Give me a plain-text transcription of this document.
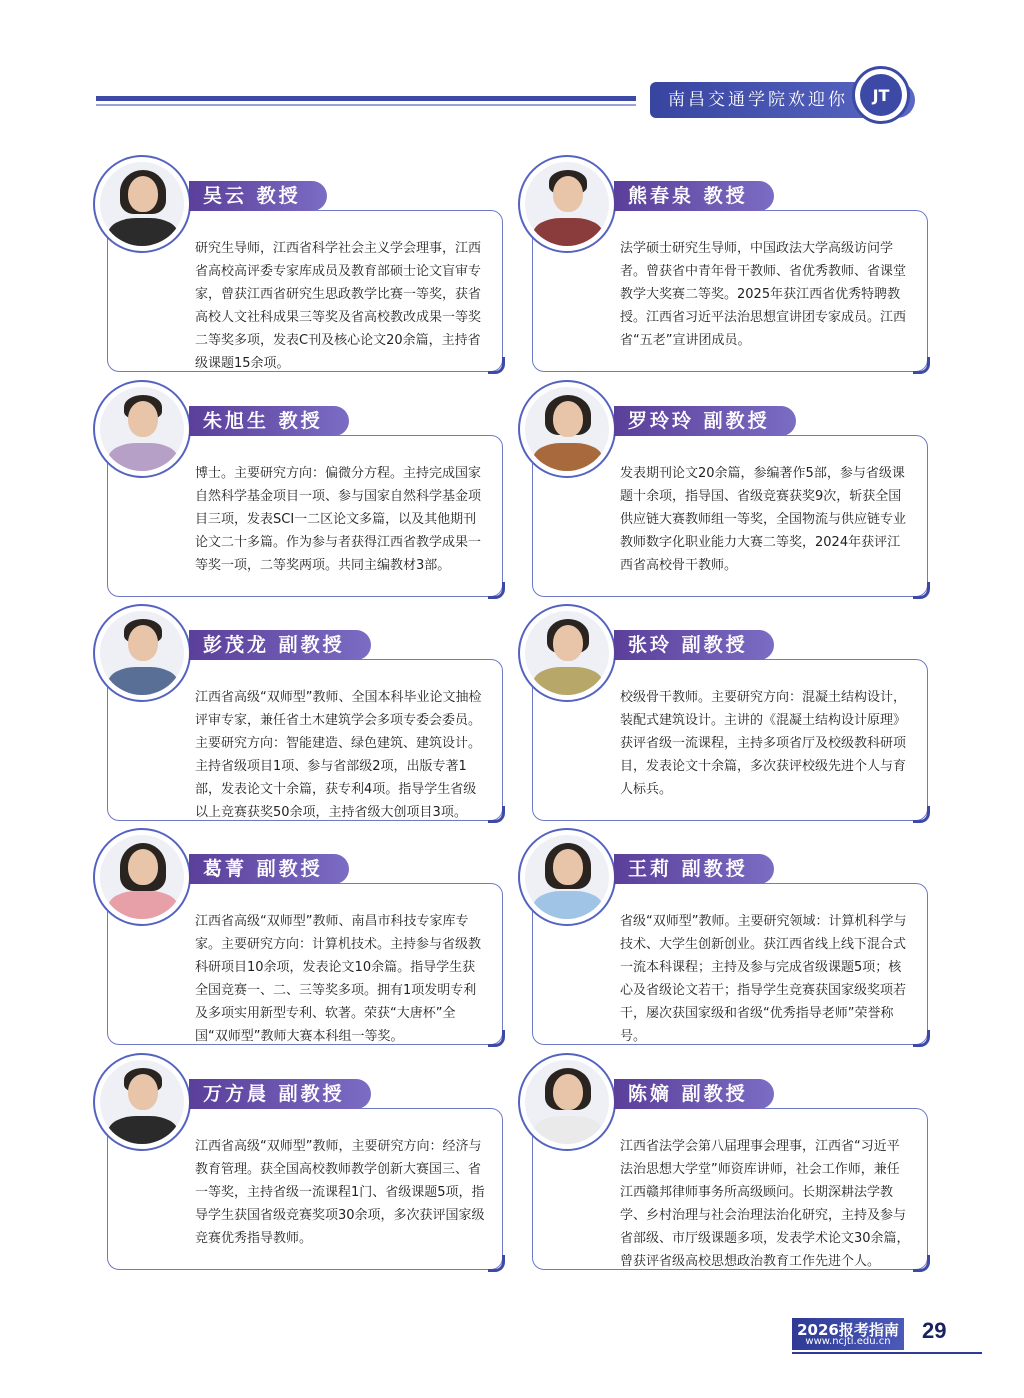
南昌交通学院欢迎你	JT
吴云 教授
研究生导师，江西省科学社会主义学会理事，江西省高校高评委专家库成员及教育部硕士论文盲审专家，曾获江西省研究生思政教学比赛一等奖，获省高校人文社科成果三等奖及省高校教改成果一等奖二等奖多项，发表C刊及核心论文20余篇，主持省级课题15余项。
熊春泉 教授
法学硕士研究生导师，中国政法大学高级访问学者。曾获省中青年骨干教师、省优秀教师、省课堂教学大奖赛二等奖。2025年获江西省优秀特聘教授。江西省习近平法治思想宣讲团专家成员。江西省“五老”宣讲团成员。
朱旭生 教授
博士。主要研究方向：偏微分方程。主持完成国家自然科学基金项目一项、参与国家自然科学基金项目三项，发表SCI一二区论文多篇，以及其他期刊论文二十多篇。作为参与者获得江西省教学成果一等奖一项，二等奖两项。共同主编教材3部。
罗玲玲 副教授
发表期刊论文20余篇，参编著作5部，参与省级课题十余项，指导国、省级竞赛获奖9次，斩获全国供应链大赛教师组一等奖，全国物流与供应链专业教师数字化职业能力大赛二等奖，2024年获评江西省高校骨干教师。
彭茂龙 副教授
江西省高级“双师型”教师、全国本科毕业论文抽检评审专家，兼任省土木建筑学会多项专委会委员。主要研究方向：智能建造、绿色建筑、建筑设计。主持省级项目1项、参与省部级2项，出版专著1部，发表论文十余篇，获专利4项。指导学生省级以上竞赛获奖50余项，主持省级大创项目3项。
张玲 副教授
校级骨干教师。主要研究方向：混凝土结构设计，装配式建筑设计。主讲的《混凝土结构设计原理》获评省级一流课程，主持多项省厅及校级教科研项目，发表论文十余篇，多次获评校级先进个人与育人标兵。
葛菁 副教授
江西省高级“双师型”教师、南昌市科技专家库专家。主要研究方向：计算机技术。主持参与省级教科研项目10余项，发表论文10余篇。指导学生获全国竞赛一、二、三等奖多项。拥有1项发明专利及多项实用新型专利、软著。荣获“大唐杯”全国“双师型”教师大赛本科组一等奖。
王莉 副教授
省级“双师型”教师。主要研究领域：计算机科学与技术、大学生创新创业。获江西省线上线下混合式一流本科课程；主持及参与完成省级课题5项；核心及省级论文若干；指导学生竞赛获国家级奖项若干，屡次获国家级和省级“优秀指导老师”荣誉称号。
万方晨 副教授
江西省高级“双师型”教师，主要研究方向：经济与教育管理。获全国高校教师教学创新大赛国三、省一等奖，主持省级一流课程1门、省级课题5项，指导学生获国省级竞赛奖项30余项，多次获评国家级竞赛优秀指导教师。
陈嫡 副教授
江西省法学会第八届理事会理事，江西省“习近平法治思想大学堂”师资库讲师，社会工作师，兼任江西赣邦律师事务所高级顾问。长期深耕法学教学、乡村治理与社会治理法治化研究，主持及参与省部级、市厅级课题多项，发表学术论文30余篇，曾获评省级高校思想政治教育工作先进个人。
2026报考指南
www.ncjti.edu.cn	29
